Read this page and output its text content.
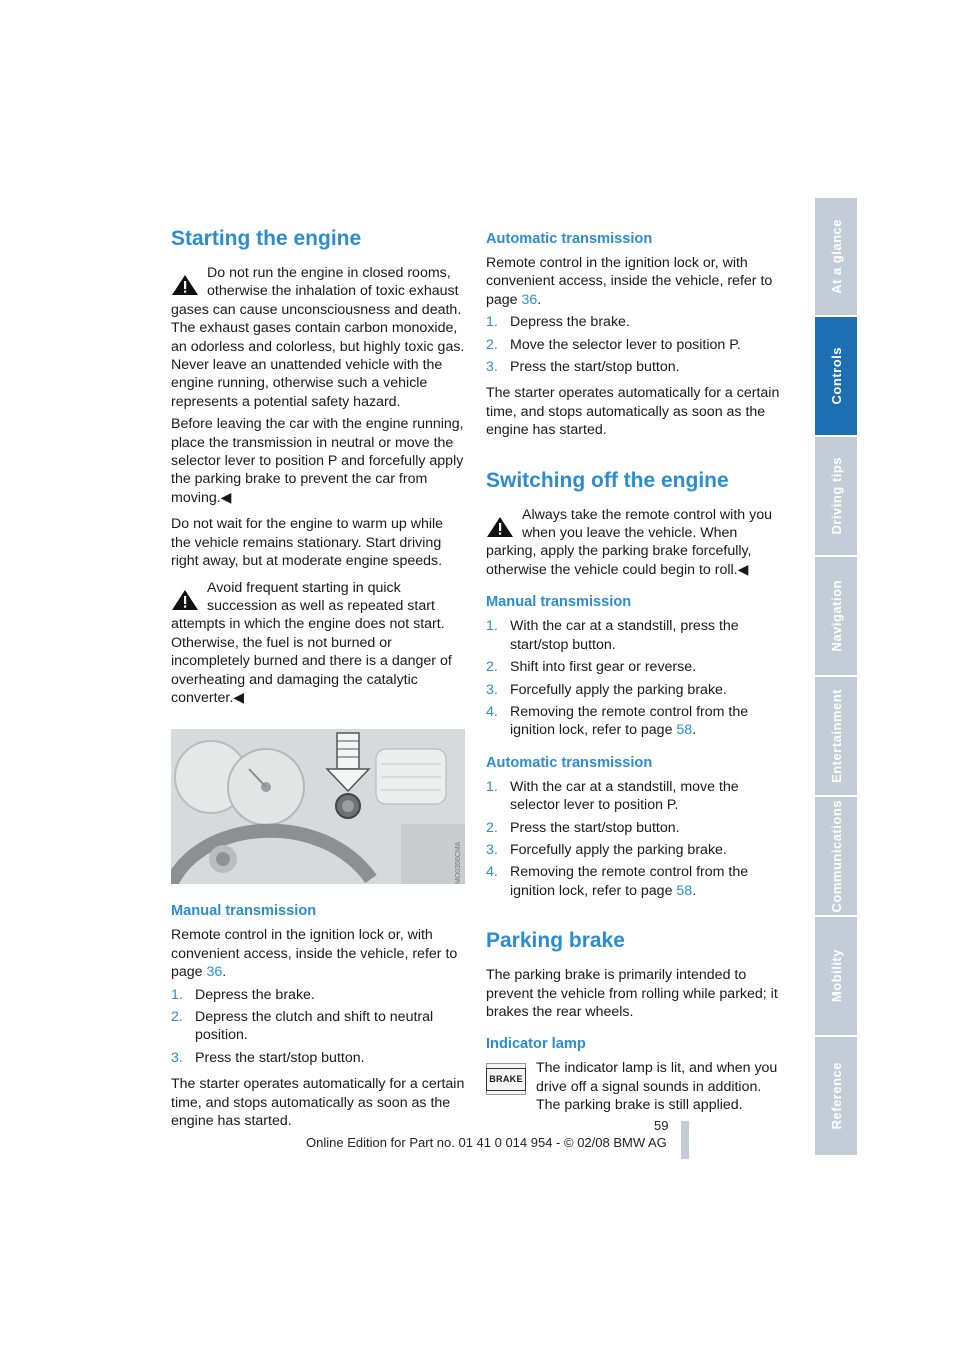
Starting the engine

Do not run the engine in closed rooms, otherwise the inhalation of toxic exhaust gases can cause unconsciousness and death. The exhaust gases contain carbon monoxide, an odorless and colorless, but highly toxic gas. Never leave an unattended vehicle with the engine running, otherwise such a vehicle represents a potential safety hazard.

Before leaving the car with the engine running, place the transmission in neutral or move the selector lever to position P and forcefully apply the parking brake to prevent the car from moving.◀

Do not wait for the engine to warm up while the vehicle remains stationary. Start driving right away, but at moderate engine speeds.

Avoid frequent starting in quick succession as well as repeated start attempts in which the engine does not start. Otherwise, the fuel is not burned or incompletely burned and there is a danger of overheating and damaging the catalytic converter.◀

MO0356CMA
Manual transmission

Remote control in the ignition lock or, with convenient access, inside the vehicle, refer to page 36.

1. Depress the brake.
2. Depress the clutch and shift to neutral position.
3. Press the start/stop button.

The starter operates automatically for a certain time, and stops automatically as soon as the engine has started.

Automatic transmission

Remote control in the ignition lock or, with convenient access, inside the vehicle, refer to page 36.

1. Depress the brake.
2. Move the selector lever to position P.
3. Press the start/stop button.

The starter operates automatically for a certain time, and stops automatically as soon as the engine has started.

Switching off the engine

Always take the remote control with you when you leave the vehicle. When parking, apply the parking brake forcefully, otherwise the vehicle could begin to roll.◀

Manual transmission
1. With the car at a standstill, press the start/stop button.
2. Shift into first gear or reverse.
3. Forcefully apply the parking brake.
4. Removing the remote control from the ignition lock, refer to page 58.
Automatic transmission
1. With the car at a standstill, move the selector lever to position P.
2. Press the start/stop button.
3. Forcefully apply the parking brake.
4. Removing the remote control from the ignition lock, refer to page 58.
Parking brake

The parking brake is primarily intended to prevent the vehicle from rolling while parked; it brakes the rear wheels.

Indicator lamp
BRAKE

The indicator lamp is lit, and when you drive off a signal sounds in addition. The parking brake is still applied.

At a glance
Controls
Driving tips
Navigation
Entertainment
Communications
Mobility
Reference
59
Online Edition for Part no. 01 41 0 014 954 - © 02/08 BMW AG
